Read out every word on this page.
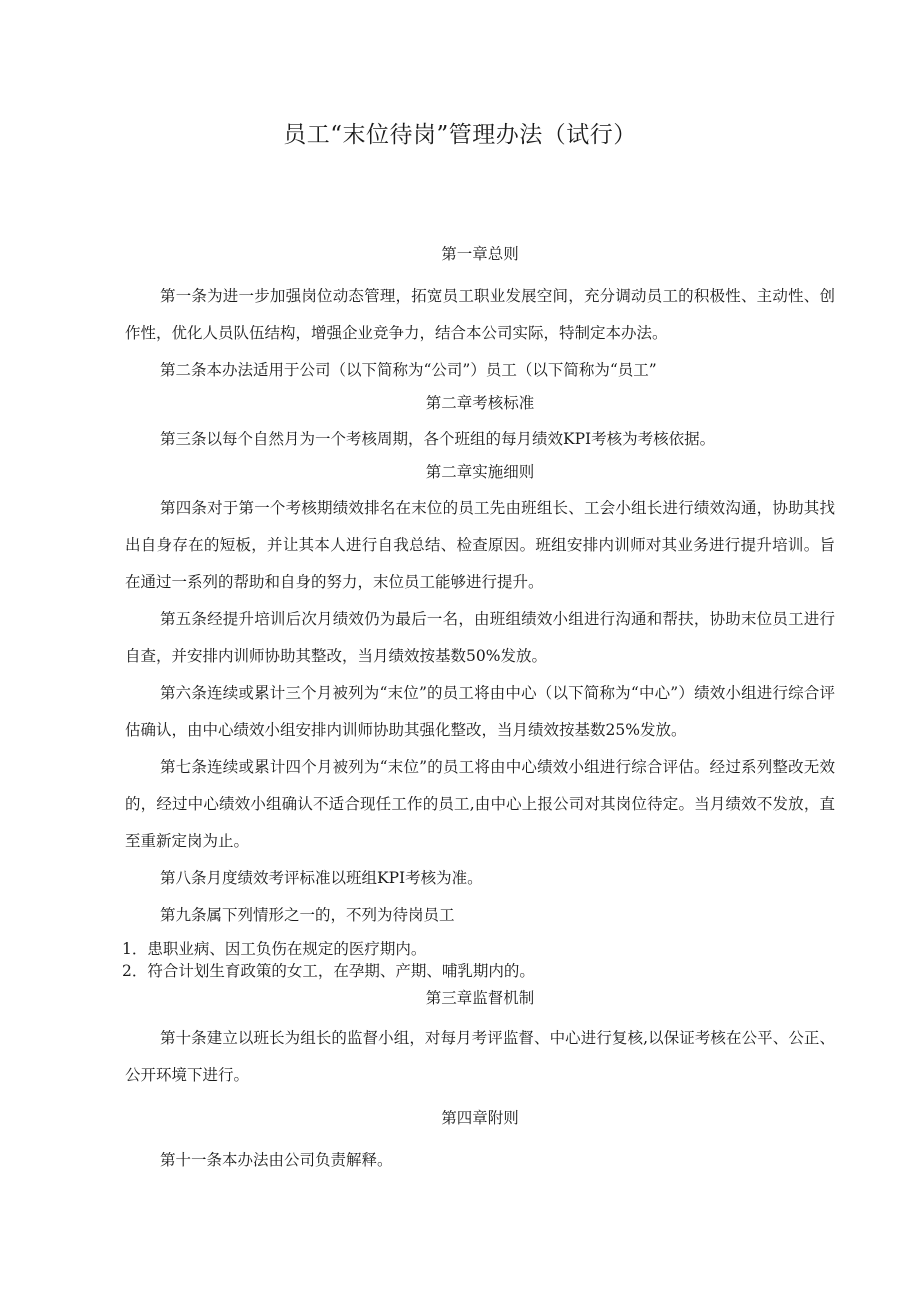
员工“末位待岗”管理办法（试行）
第一章总则

第一条为进一步加强岗位动态管理，拓宽员工职业发展空间，充分调动员工的积极性、主动性、创作性，优化人员队伍结构，增强企业竞争力，结合本公司实际，特制定本办法。

第二条本办法适用于公司（以下简称为“公司”）员工（以下简称为“员工”

第二章考核标准

第三条以每个自然月为一个考核周期，各个班组的每月绩效KPI考核为考核依据。

第二章实施细则

第四条对于第一个考核期绩效排名在末位的员工先由班组长、工会小组长进行绩效沟通，协助其找出自身存在的短板，并让其本人进行自我总结、检查原因。班组安排内训师对其业务进行提升培训。旨在通过一系列的帮助和自身的努力，末位员工能够进行提升。

第五条经提升培训后次月绩效仍为最后一名，由班组绩效小组进行沟通和帮扶，协助末位员工进行自查，并安排内训师协助其整改，当月绩效按基数50%发放。

第六条连续或累计三个月被列为“末位”的员工将由中心（以下简称为“中心”）绩效小组进行综合评估确认，由中心绩效小组安排内训师协助其强化整改，当月绩效按基数25%发放。

第七条连续或累计四个月被列为“末位”的员工将由中心绩效小组进行综合评估。经过系列整改无效的，经过中心绩效小组确认不适合现任工作的员工,由中心上报公司对其岗位待定。当月绩效不发放，直至重新定岗为止。

第八条月度绩效考评标准以班组KPI考核为准。

第九条属下列情形之一的，不列为待岗员工

1．患职业病、因工负伤在规定的医疗期内。

2．符合计划生育政策的女工，在孕期、产期、哺乳期内的。

第三章监督机制

第十条建立以班长为组长的监督小组，对每月考评监督、中心进行复核,以保证考核在公平、公正、公开环境下进行。

第四章附则

第十一条本办法由公司负责解释。
